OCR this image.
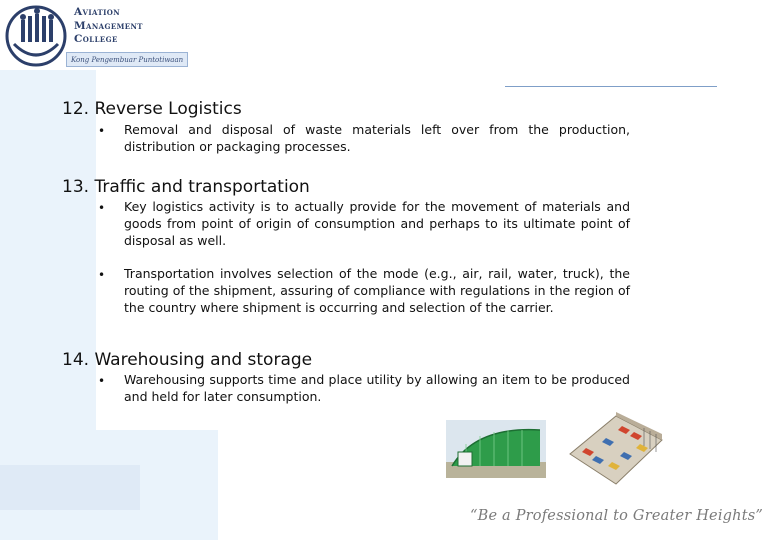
Aviation
Management
College
Kong Pengembuar Puntotiwaan
12. Reverse Logistics
• Removal and disposal of waste materials left over from the production, distribution or packaging processes.
13. Traffic and transportation
• Key logistics activity is to actually provide for the movement of materials and goods from point of origin of consumption and perhaps to its ultimate point of disposal as well.
• Transportation involves selection of the mode (e.g., air, rail, water, truck), the routing of the shipment, assuring of compliance with regulations in the region of the country where shipment is occurring and selection of the carrier.
14. Warehousing and storage
• Warehousing supports time and place utility by allowing an item to be produced and held for later consumption.
“Be a Professional to Greater Heights”
